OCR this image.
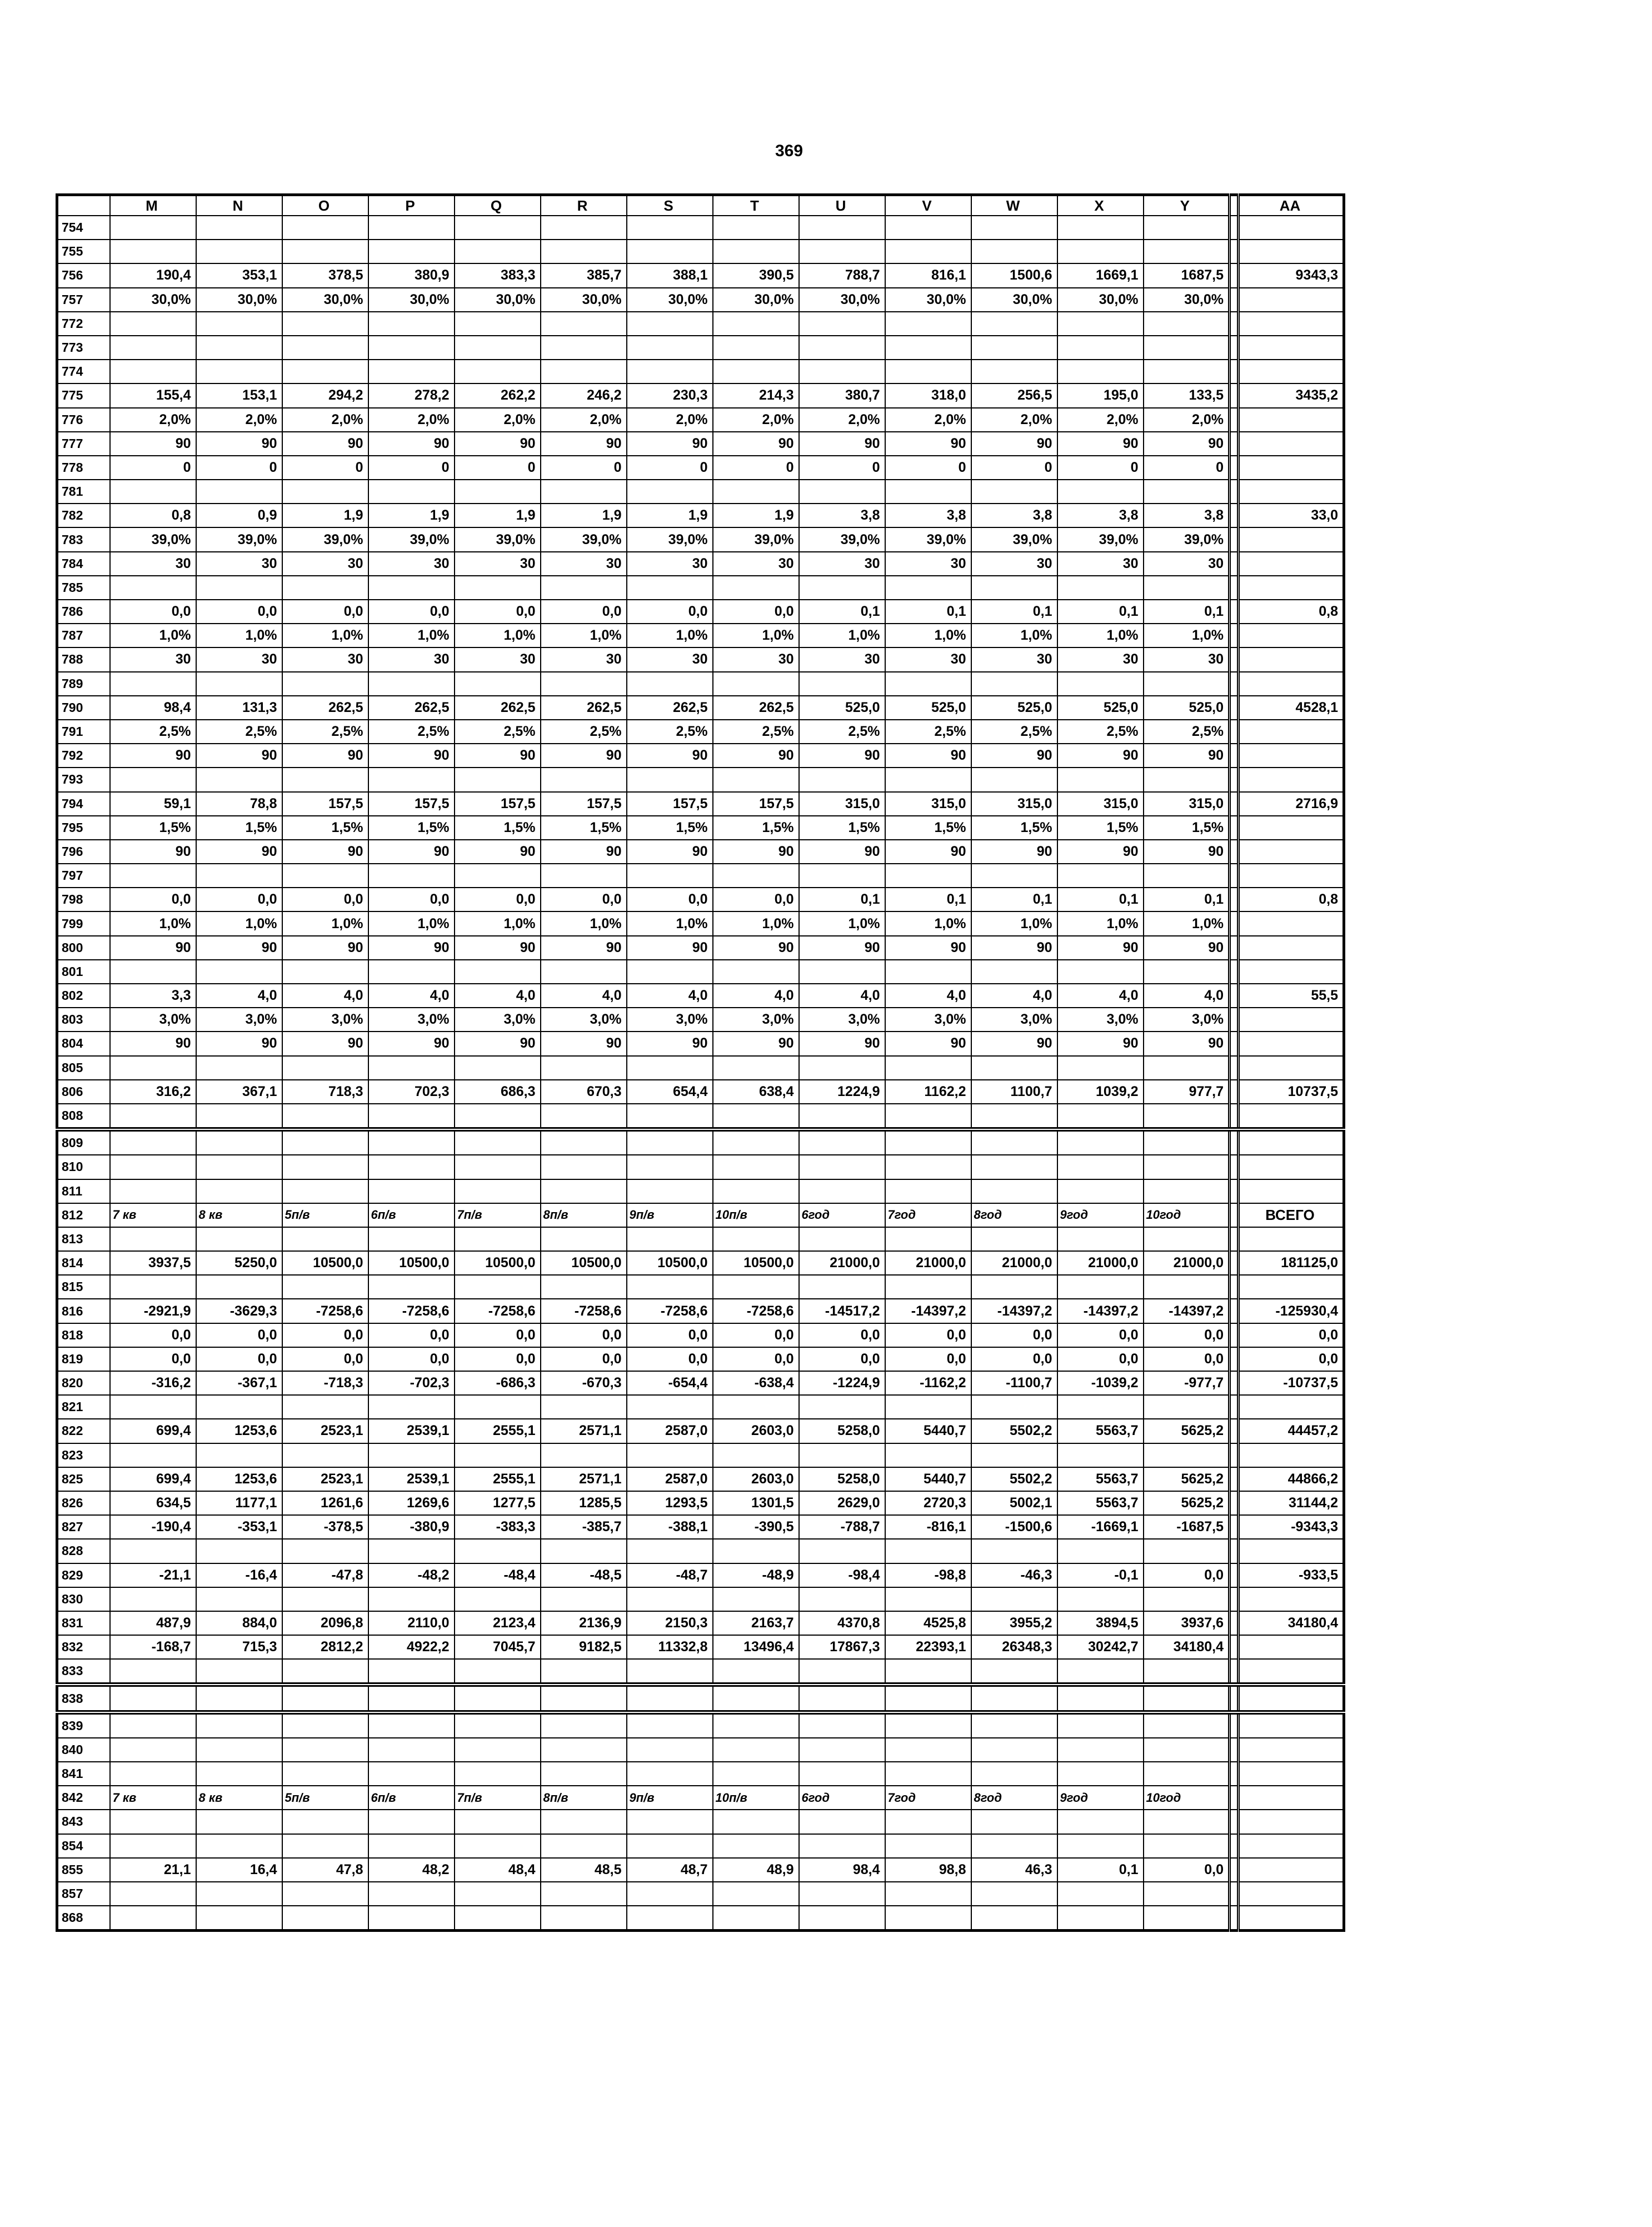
369
	M	N	O	P	Q	R	S	T	U	V	W	X	Y		AA
754															
755															
756	190,4	353,1	378,5	380,9	383,3	385,7	388,1	390,5	788,7	816,1	1500,6	1669,1	1687,5		9343,3
757	30,0%	30,0%	30,0%	30,0%	30,0%	30,0%	30,0%	30,0%	30,0%	30,0%	30,0%	30,0%	30,0%		
772															
773															
774															
775	155,4	153,1	294,2	278,2	262,2	246,2	230,3	214,3	380,7	318,0	256,5	195,0	133,5		3435,2
776	2,0%	2,0%	2,0%	2,0%	2,0%	2,0%	2,0%	2,0%	2,0%	2,0%	2,0%	2,0%	2,0%		
777	90	90	90	90	90	90	90	90	90	90	90	90	90		
778	0	0	0	0	0	0	0	0	0	0	0	0	0		
781															
782	0,8	0,9	1,9	1,9	1,9	1,9	1,9	1,9	3,8	3,8	3,8	3,8	3,8		33,0
783	39,0%	39,0%	39,0%	39,0%	39,0%	39,0%	39,0%	39,0%	39,0%	39,0%	39,0%	39,0%	39,0%		
784	30	30	30	30	30	30	30	30	30	30	30	30	30		
785															
786	0,0	0,0	0,0	0,0	0,0	0,0	0,0	0,0	0,1	0,1	0,1	0,1	0,1		0,8
787	1,0%	1,0%	1,0%	1,0%	1,0%	1,0%	1,0%	1,0%	1,0%	1,0%	1,0%	1,0%	1,0%		
788	30	30	30	30	30	30	30	30	30	30	30	30	30		
789															
790	98,4	131,3	262,5	262,5	262,5	262,5	262,5	262,5	525,0	525,0	525,0	525,0	525,0		4528,1
791	2,5%	2,5%	2,5%	2,5%	2,5%	2,5%	2,5%	2,5%	2,5%	2,5%	2,5%	2,5%	2,5%		
792	90	90	90	90	90	90	90	90	90	90	90	90	90		
793															
794	59,1	78,8	157,5	157,5	157,5	157,5	157,5	157,5	315,0	315,0	315,0	315,0	315,0		2716,9
795	1,5%	1,5%	1,5%	1,5%	1,5%	1,5%	1,5%	1,5%	1,5%	1,5%	1,5%	1,5%	1,5%		
796	90	90	90	90	90	90	90	90	90	90	90	90	90		
797															
798	0,0	0,0	0,0	0,0	0,0	0,0	0,0	0,0	0,1	0,1	0,1	0,1	0,1		0,8
799	1,0%	1,0%	1,0%	1,0%	1,0%	1,0%	1,0%	1,0%	1,0%	1,0%	1,0%	1,0%	1,0%		
800	90	90	90	90	90	90	90	90	90	90	90	90	90		
801															
802	3,3	4,0	4,0	4,0	4,0	4,0	4,0	4,0	4,0	4,0	4,0	4,0	4,0		55,5
803	3,0%	3,0%	3,0%	3,0%	3,0%	3,0%	3,0%	3,0%	3,0%	3,0%	3,0%	3,0%	3,0%		
804	90	90	90	90	90	90	90	90	90	90	90	90	90		
805															
806	316,2	367,1	718,3	702,3	686,3	670,3	654,4	638,4	1224,9	1162,2	1100,7	1039,2	977,7		10737,5
808															
809															
810															
811															
812	7 кв	8 кв	5п/в	6п/в	7п/в	8п/в	9п/в	10п/в	6год	7год	8год	9год	10год		ВСЕГО
813															
814	3937,5	5250,0	10500,0	10500,0	10500,0	10500,0	10500,0	10500,0	21000,0	21000,0	21000,0	21000,0	21000,0		181125,0
815															
816	-2921,9	-3629,3	-7258,6	-7258,6	-7258,6	-7258,6	-7258,6	-7258,6	-14517,2	-14397,2	-14397,2	-14397,2	-14397,2		-125930,4
818	0,0	0,0	0,0	0,0	0,0	0,0	0,0	0,0	0,0	0,0	0,0	0,0	0,0		0,0
819	0,0	0,0	0,0	0,0	0,0	0,0	0,0	0,0	0,0	0,0	0,0	0,0	0,0		0,0
820	-316,2	-367,1	-718,3	-702,3	-686,3	-670,3	-654,4	-638,4	-1224,9	-1162,2	-1100,7	-1039,2	-977,7		-10737,5
821															
822	699,4	1253,6	2523,1	2539,1	2555,1	2571,1	2587,0	2603,0	5258,0	5440,7	5502,2	5563,7	5625,2		44457,2
823															
825	699,4	1253,6	2523,1	2539,1	2555,1	2571,1	2587,0	2603,0	5258,0	5440,7	5502,2	5563,7	5625,2		44866,2
826	634,5	1177,1	1261,6	1269,6	1277,5	1285,5	1293,5	1301,5	2629,0	2720,3	5002,1	5563,7	5625,2		31144,2
827	-190,4	-353,1	-378,5	-380,9	-383,3	-385,7	-388,1	-390,5	-788,7	-816,1	-1500,6	-1669,1	-1687,5		-9343,3
828															
829	-21,1	-16,4	-47,8	-48,2	-48,4	-48,5	-48,7	-48,9	-98,4	-98,8	-46,3	-0,1	0,0		-933,5
830															
831	487,9	884,0	2096,8	2110,0	2123,4	2136,9	2150,3	2163,7	4370,8	4525,8	3955,2	3894,5	3937,6		34180,4
832	-168,7	715,3	2812,2	4922,2	7045,7	9182,5	11332,8	13496,4	17867,3	22393,1	26348,3	30242,7	34180,4		
833															
838															
839															
840															
841															
842	7 кв	8 кв	5п/в	6п/в	7п/в	8п/в	9п/в	10п/в	6год	7год	8год	9год	10год		
843															
854															
855	21,1	16,4	47,8	48,2	48,4	48,5	48,7	48,9	98,4	98,8	46,3	0,1	0,0		
857															
868															
